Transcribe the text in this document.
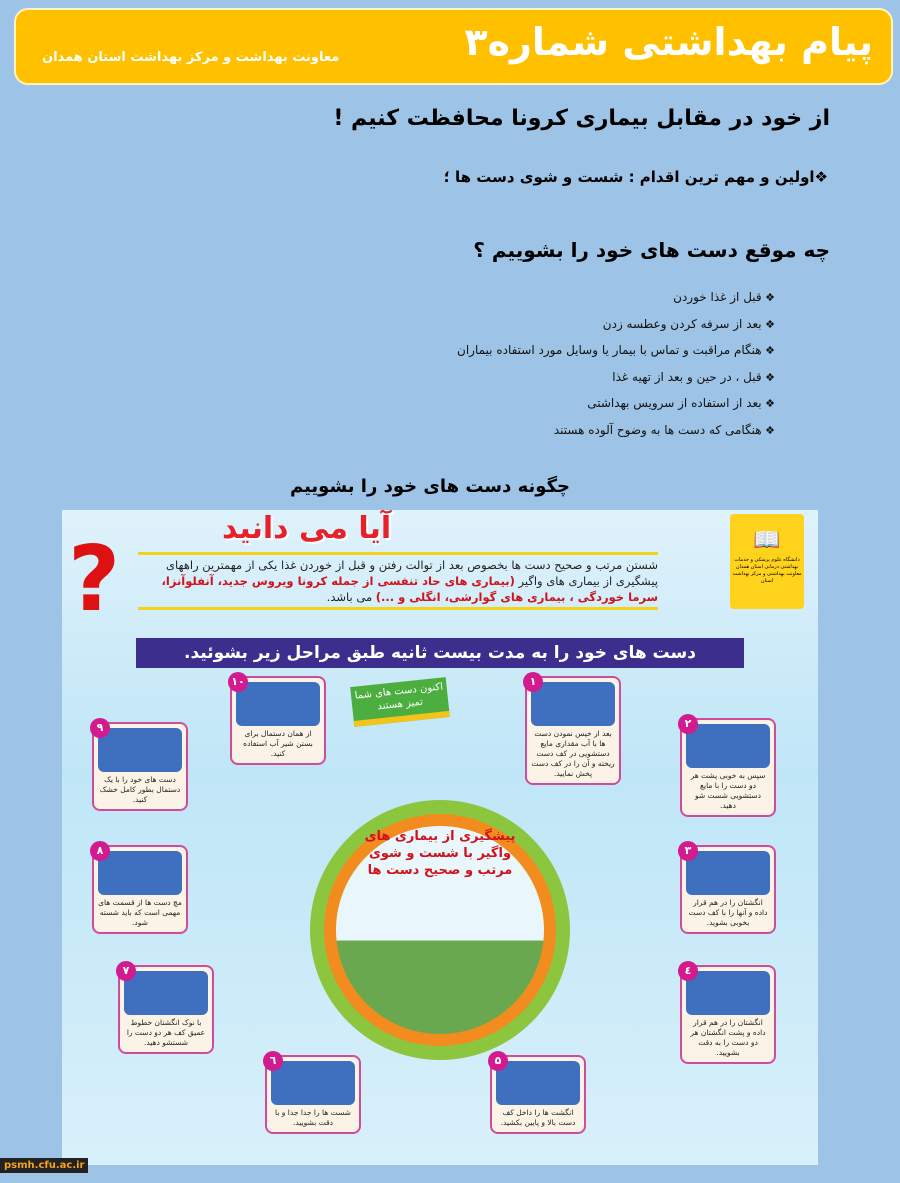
پیام بهداشتی شماره۳
معاونت بهداشت و مرکز بهداشت استان همدان
از خود در مقابل بیماری کرونا محافظت کنیم !
❖اولین و مهم ترین اقدام : شست و شوی دست ها ؛
چه موقع دست های خود را بشوییم ؟
❖ قبل از غذا خوردن
❖ بعد از سرفه کردن وعطسه زدن
❖ هنگام مراقبت و تماس با بیمار یا وسایل مورد استفاده بیماران
❖ قبل ، در حین و بعد از تهیه غذا
❖ بعد از استفاده از سرویس بهداشتی
❖ هنگامی که دست ها به وضوح آلوده هستند
چگونه دست های خود را بشوییم
?	📖
دانشگاه علوم پزشکی و خدمات بهداشتی درمانی استان همدان معاونت بهداشتی و مرکز بهداشت استان
آیا می دانید
شستن مرتب و صحیح دست ها بخصوص بعد از توالت رفتن و قبل از خوردن غذا یکی از مهمترین راههای پیشگیری از بیماری های واگیر (بیماری های حاد تنفسی از جمله کرونا ویروس جدید، آنفلوآنزا، سرما خوردگی ، بیماری های گوارشی، انگلی و ...) می باشد.
دست های خود را به مدت بیست ثانیه طبق مراحل زیر بشوئید.
اکنون دست های شما تمیز هستند
پیشگیری از بیماری های واگیر با شست و شوی مرتب و صحیح دست ها
۱
بعد از خیس نمودن دست ها با آب مقداری مایع دستشویی در کف دست ریخته و آن را در کف دست پخش نمایید.
۲
سپس به خوبی پشت هر دو دست را با مایع دستشویی شست شو دهید.
۳
انگشتان را در هم قرار داده و آنها را با کف دست بخوبی بشوید.
٤
انگشتان را در هم قرار داده و پشت انگشتان هر دو دست را به دقت بشویید.
۵
انگشت ها را داخل کف دست بالا و پایین بکشید.
٦
شست ها را جدا جدا و با دقت بشویید.
۷
با نوک انگشتان خطوط عمیق کف هر دو دست را شستشو دهید.
۸
مچ دست ها از قسمت های مهمی است که باید شسته شود.
۹
دست های خود را با یک دستمال بطور کامل خشک کنید.
۱۰
از همان دستمال برای بستن شیر آب استفاده کنید.
psmh.cfu.ac.ir
